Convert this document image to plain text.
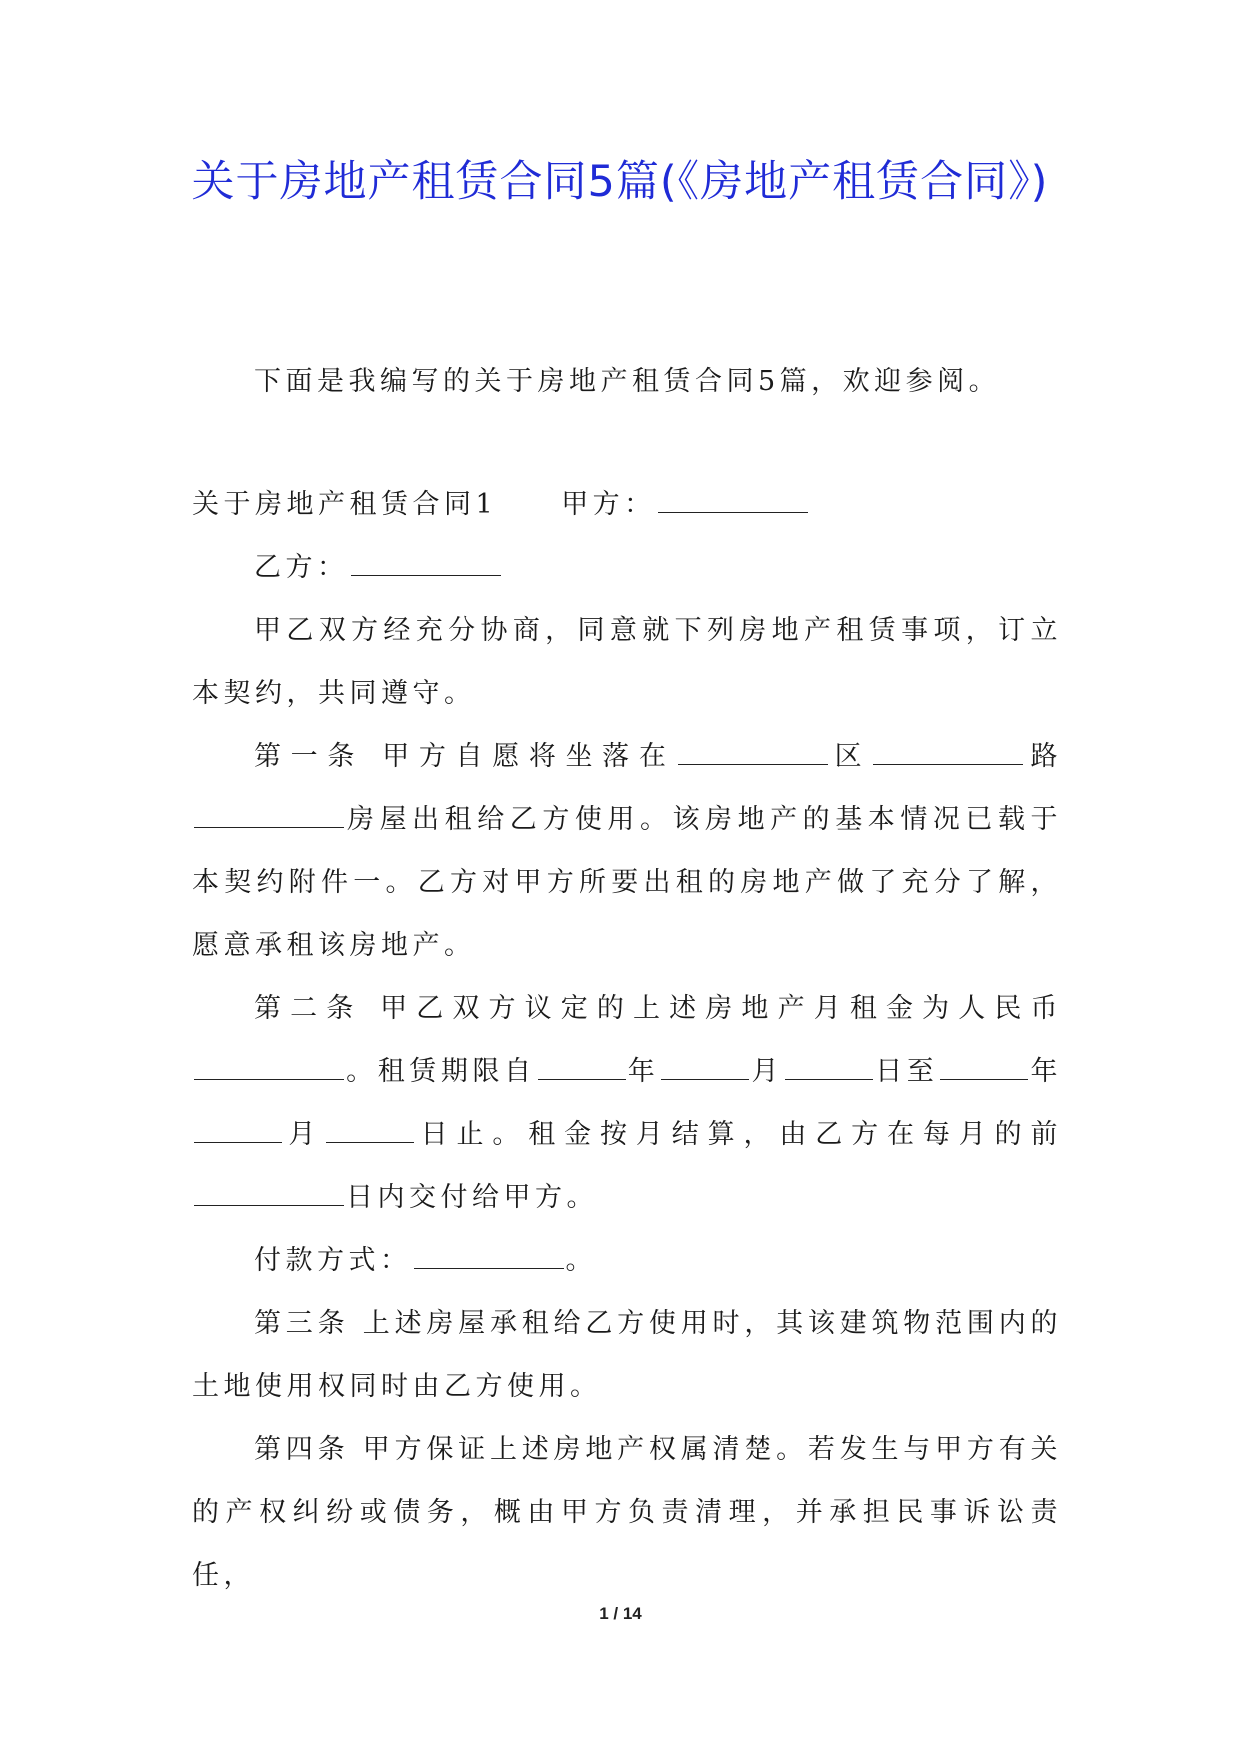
关于房地产租赁合同5篇(《房地产租赁合同》)

下面是我编写的关于房地产租赁合同5篇，欢迎参阅。

关于房地产租赁合同1 甲方：

乙方：

甲乙双方经充分协商，同意就下列房地产租赁事项，订立本契约，共同遵守。

第一条 甲方自愿将坐落在	区	路房屋出租给乙方使用。该房地产的基本情况已载于本契约附件一。乙方对甲方所要出租的房地产做了充分了解，愿意承租该房地产。

第二条 甲乙双方议定的上述房地产月租金为人民币。租赁期限自	年	月	日至	年月	日止。租金按月结算，由乙方在每月的前日内交付给甲方。

付款方式：	。

第三条 上述房屋承租给乙方使用时，其该建筑物范围内的土地使用权同时由乙方使用。

第四条 甲方保证上述房地产权属清楚。若发生与甲方有关的产权纠纷或债务，概由甲方负责清理，并承担民事诉讼责任，

1 / 14
